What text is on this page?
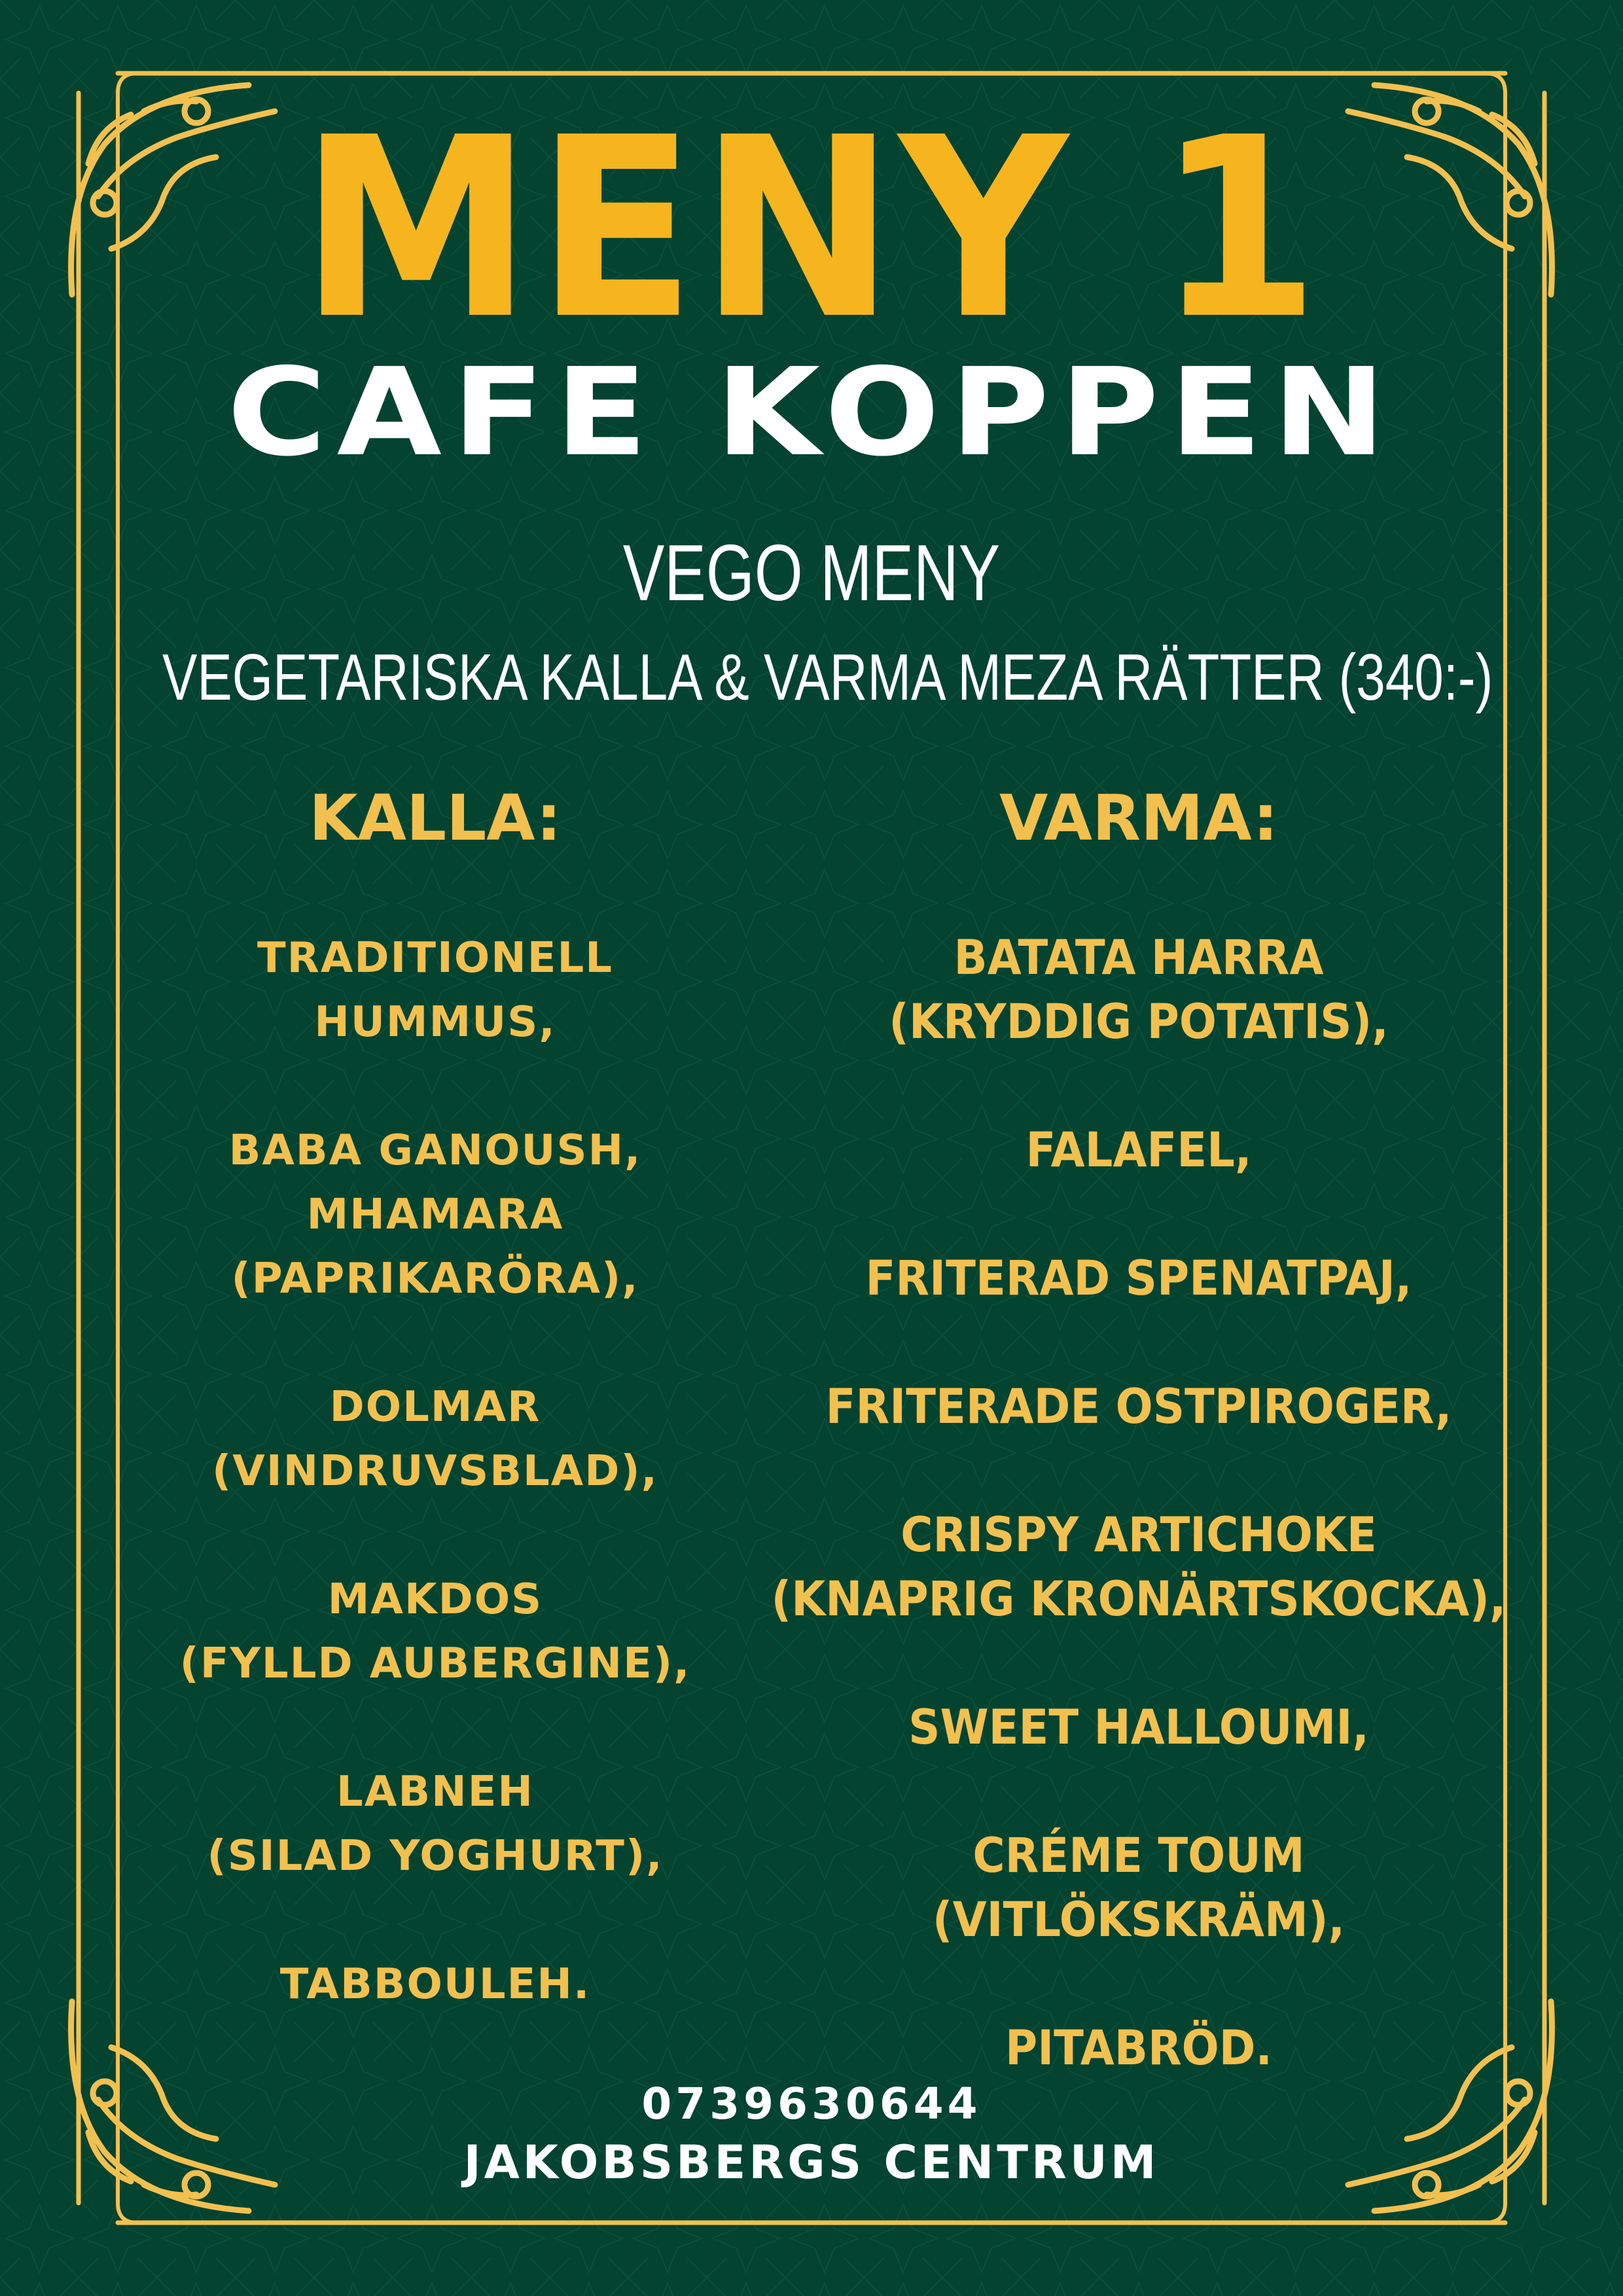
MENY 1
CAFE KOPPEN
VEGO MENY
VEGETARISKA KALLA & VARMA MEZA RÄTTER (340:-)
KALLA:
TRADITIONELL
HUMMUS,
BABA GANOUSH,
MHAMARA
(PAPRIKARÖRA),
DOLMAR
(VINDRUVSBLAD),
MAKDOS
(FYLLD AUBERGINE),
LABNEH
(SILAD YOGHURT),
TABBOULEH.
VARMA:
BATATA HARRA
(KRYDDIG POTATIS),
FALAFEL,
FRITERAD SPENATPAJ,
FRITERADE OSTPIROGER,
CRISPY ARTICHOKE
(KNAPRIG KRONÄRTSKOCKA),
SWEET HALLOUMI,
CRÉME TOUM
(VITLÖKSKRÄM),
PITABRÖD.
0739630644
JAKOBSBERGS CENTRUM
